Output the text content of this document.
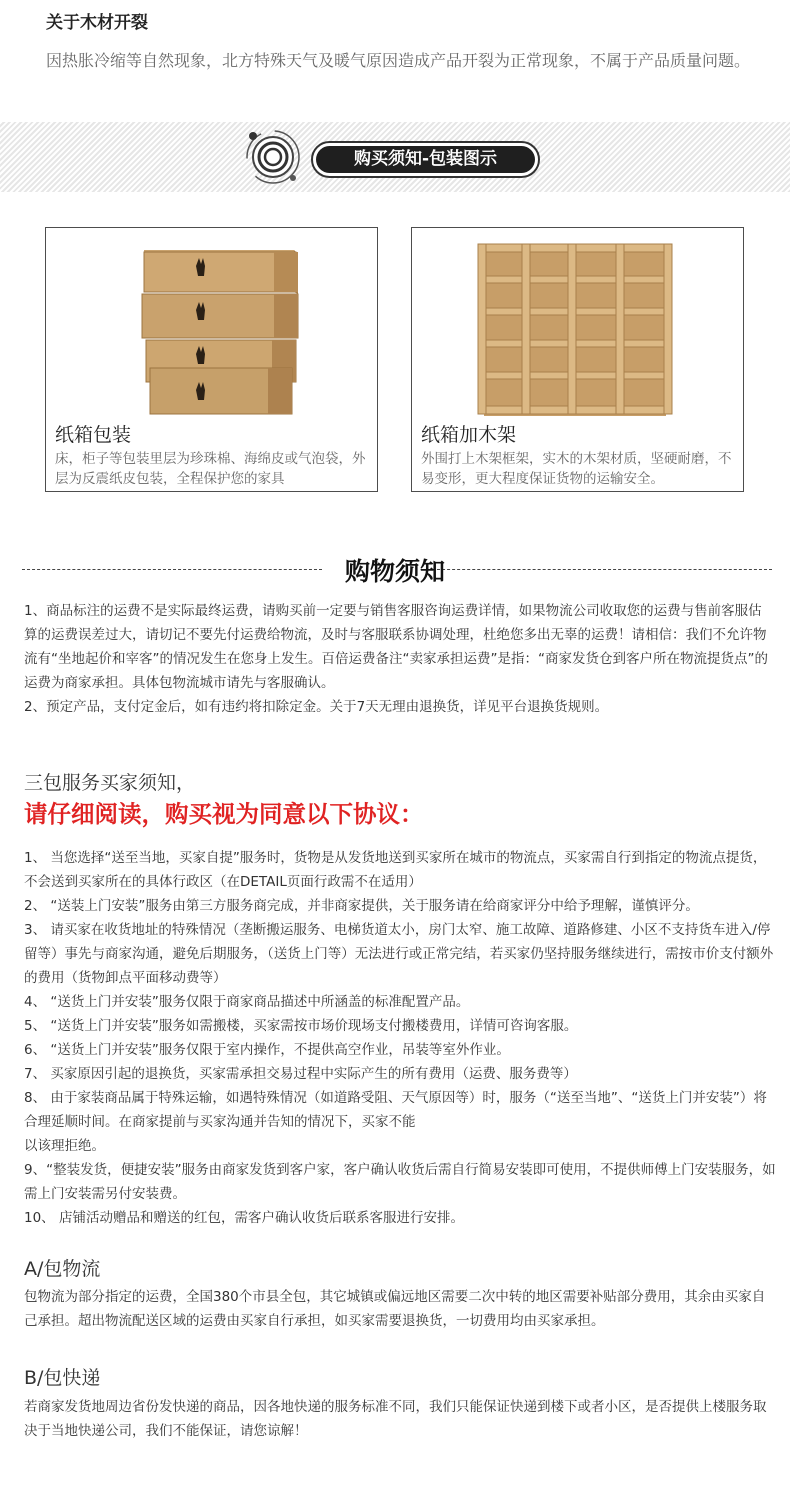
关于木材开裂
因热胀冷缩等自然现象，北方特殊天气及暖气原因造成产品开裂为正常现象，不属于产品质量问题。
购买须知-包装图示
纸箱包装
床，柜子等包装里层为珍珠棉、海绵皮或气泡袋，外层为反震纸皮包装，全程保护您的家具
纸箱加木架
外围打上木架框架，实木的木架材质，坚硬耐磨，不易变形，更大程度保证货物的运输安全。
购物须知
1、商品标注的运费不是实际最终运费，请购买前一定要与销售客服咨询运费详情，如果物流公司收取您的运费与售前客服估算的运费误差过大，请切记不要先付运费给物流，及时与客服联系协调处理，杜绝您多出无辜的运费！请相信：我们不允许物流有“坐地起价和宰客”的情况发生在您身上发生。百倍运费备注“卖家承担运费”是指：“商家发货仓到客户所在物流提货点”的运费为商家承担。具体包物流城市请先与客服确认。
2、预定产品，支付定金后，如有违约将扣除定金。关于7天无理由退换货，详见平台退换货规则。
三包服务买家须知，
请仔细阅读，购买视为同意以下协议：
1、 当您选择“送至当地，买家自提”服务时，货物是从发货地送到买家所在城市的物流点，买家需自行到指定的物流点提货，不会送到买家所在的具体行政区（在DETAIL页面行政需不在适用）
2、 “送装上门安装”服务由第三方服务商完成，并非商家提供，关于服务请在给商家评分中给予理解，谨慎评分。
3、 请买家在收货地址的特殊情况（垄断搬运服务、电梯货道太小，房门太窄、施工故障、道路修建、小区不支持货车进入/停留等）事先与商家沟通，避免后期服务，（送货上门等）无法进行或正常完结，若买家仍坚持服务继续进行，需按市价支付额外的费用（货物卸点平面移动费等）
4、 “送货上门并安装”服务仅限于商家商品描述中所涵盖的标准配置产品。
5、 “送货上门并安装”服务如需搬楼，买家需按市场价现场支付搬楼费用，详情可咨询客服。
6、 “送货上门并安装”服务仅限于室内操作，不提供高空作业，吊装等室外作业。
7、 买家原因引起的退换货，买家需承担交易过程中实际产生的所有费用（运费、服务费等）
8、 由于家装商品属于特殊运输，如遇特殊情况（如道路受阻、天气原因等）时，服务（“送至当地”、“送货上门并安装”）将合理延顺时间。在商家提前与买家沟通并告知的情况下，买家不能
以该理拒绝。
9、“整装发货，便捷安装”服务由商家发货到客户家，客户确认收货后需自行简易安装即可使用，不提供师傅上门安装服务，如需上门安装需另付安装费。
10、 店铺活动赠品和赠送的红包，需客户确认收货后联系客服进行安排。
A/包物流
包物流为部分指定的运费，全国380个市县全包，其它城镇或偏远地区需要二次中转的地区需要补贴部分费用，其余由买家自己承担。超出物流配送区域的运费由买家自行承担，如买家需要退换货，一切费用均由买家承担。
B/包快递
若商家发货地周边省份发快递的商品，因各地快递的服务标准不同，我们只能保证快递到楼下或者小区，是否提供上楼服务取决于当地快递公司，我们不能保证，请您谅解！
